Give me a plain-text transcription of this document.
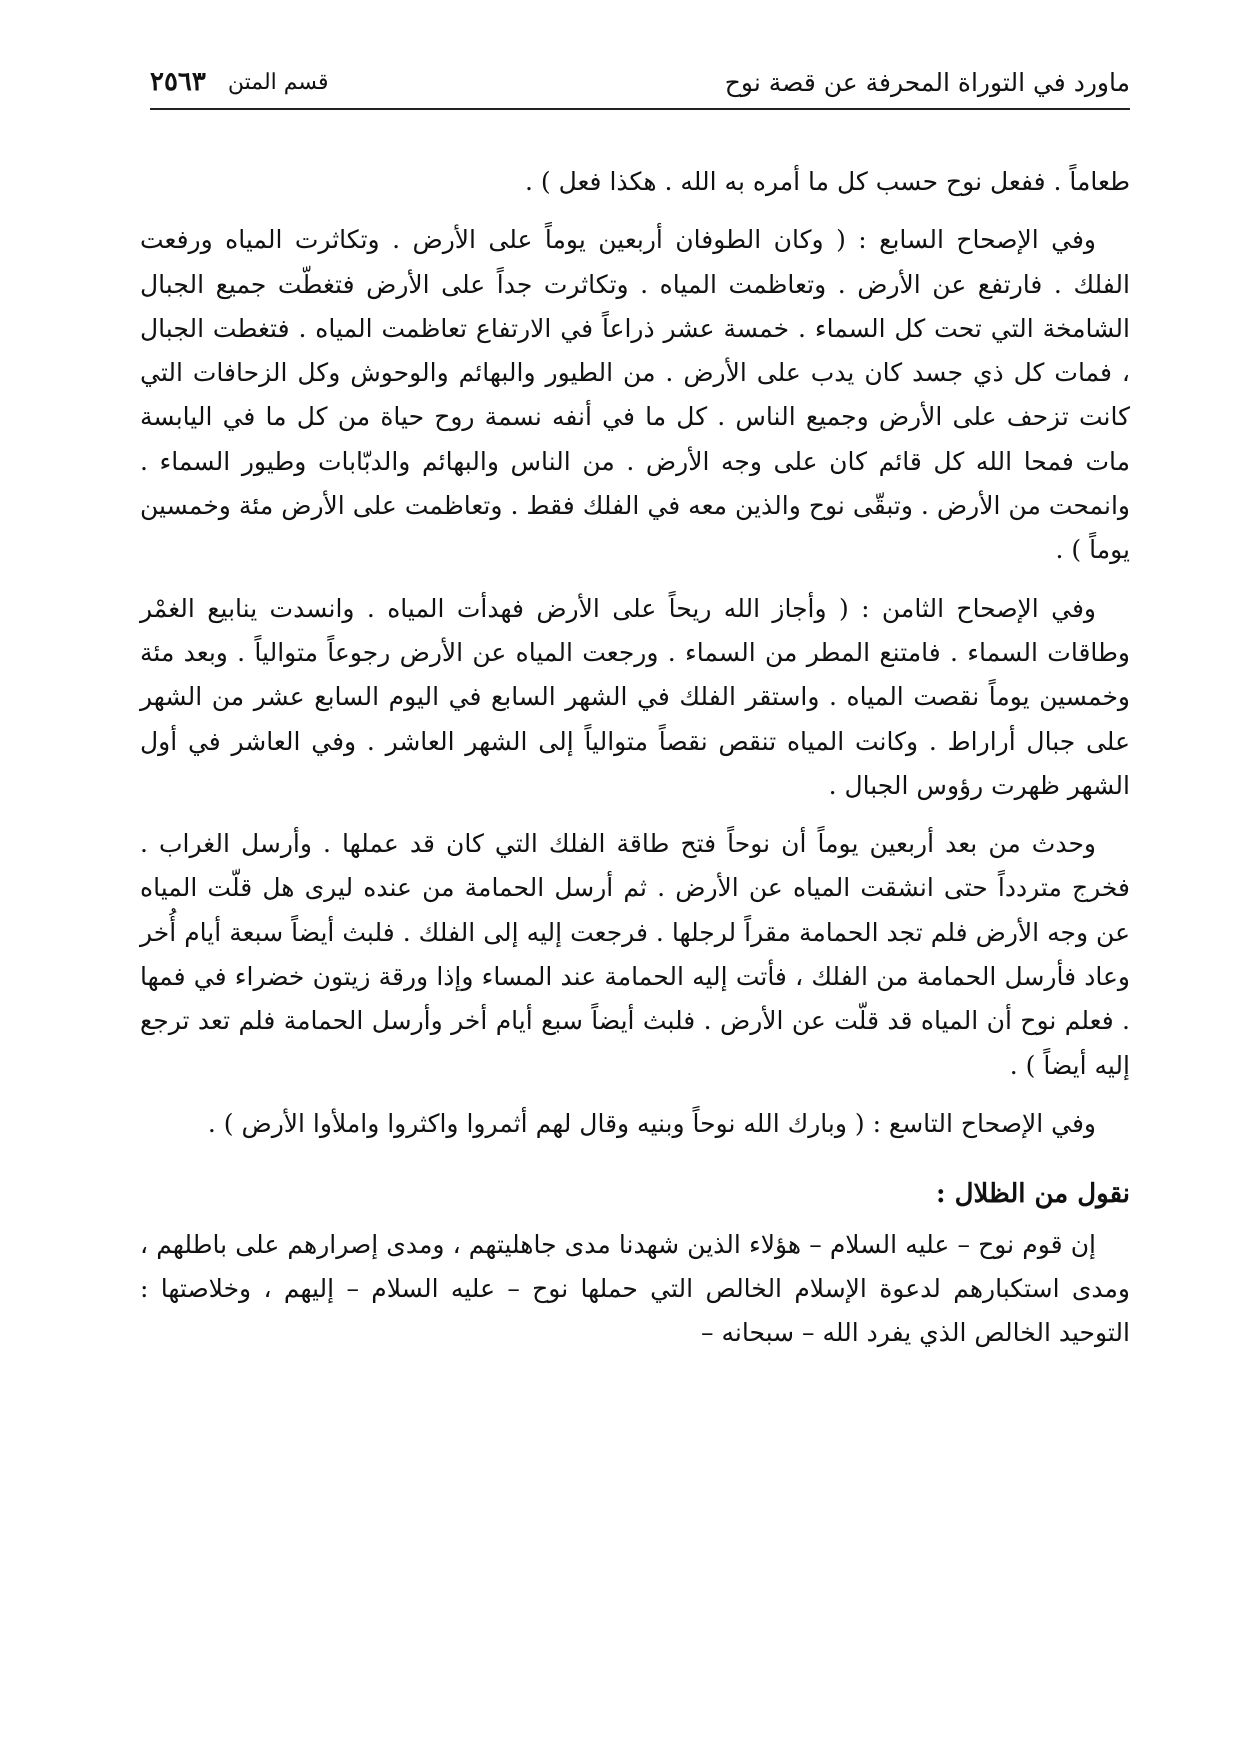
ماورد في التوراة المحرفة عن قصة نوح
قسم المتن
٢٥٦٣

طعاماً . ففعل نوح حسب كل ما أمره به الله . هكذا فعل ) .

وفي الإصحاح السابع : ( وكان الطوفان أربعين يوماً على الأرض . وتكاثرت المياه ورفعت الفلك . فارتفع عن الأرض . وتعاظمت المياه . وتكاثرت جداً على الأرض فتغطّت جميع الجبال الشامخة التي تحت كل السماء . خمسة عشر ذراعاً في الارتفاع تعاظمت المياه . فتغطت الجبال ، فمات كل ذي جسد كان يدب على الأرض . من الطيور والبهائم والوحوش وكل الزحافات التي كانت تزحف على الأرض وجميع الناس . كل ما في أنفه نسمة روح حياة من كل ما في اليابسة مات فمحا الله كل قائم كان على وجه الأرض . من الناس والبهائم والدبّابات وطيور السماء . وانمحت من الأرض . وتبقّى نوح والذين معه في الفلك فقط . وتعاظمت على الأرض مئة وخمسين يوماً ) .

وفي الإصحاح الثامن : ( وأجاز الله ريحاً على الأرض فهدأت المياه . وانسدت ينابيع الغمْر وطاقات السماء . فامتنع المطر من السماء . ورجعت المياه عن الأرض رجوعاً متوالياً . وبعد مئة وخمسين يوماً نقصت المياه . واستقر الفلك في الشهر السابع في اليوم السابع عشر من الشهر على جبال أراراط . وكانت المياه تنقص نقصاً متوالياً إلى الشهر العاشر . وفي العاشر في أول الشهر ظهرت رؤوس الجبال .

وحدث من بعد أربعين يوماً أن نوحاً فتح طاقة الفلك التي كان قد عملها . وأرسل الغراب . فخرج متردداً حتى انشقت المياه عن الأرض . ثم أرسل الحمامة من عنده ليرى هل قلّت المياه عن وجه الأرض فلم تجد الحمامة مقراً لرجلها . فرجعت إليه إلى الفلك . فلبث أيضاً سبعة أيام أُخر وعاد فأرسل الحمامة من الفلك ، فأتت إليه الحمامة عند المساء وإذا ورقة زيتون خضراء في فمها . فعلم نوح أن المياه قد قلّت عن الأرض . فلبث أيضاً سبع أيام أخر وأرسل الحمامة فلم تعد ترجع إليه أيضاً ) .

وفي الإصحاح التاسع : ( وبارك الله نوحاً وبنيه وقال لهم أثمروا واكثروا واملأوا الأرض ) .

نقول من الظلال :

إن قوم نوح – عليه السلام – هؤلاء الذين شهدنا مدى جاهليتهم ، ومدى إصرارهم على باطلهم ، ومدى استكبارهم لدعوة الإسلام الخالص التي حملها نوح – عليه السلام – إليهم ، وخلاصتها : التوحيد الخالص الذي يفرد الله – سبحانه –
